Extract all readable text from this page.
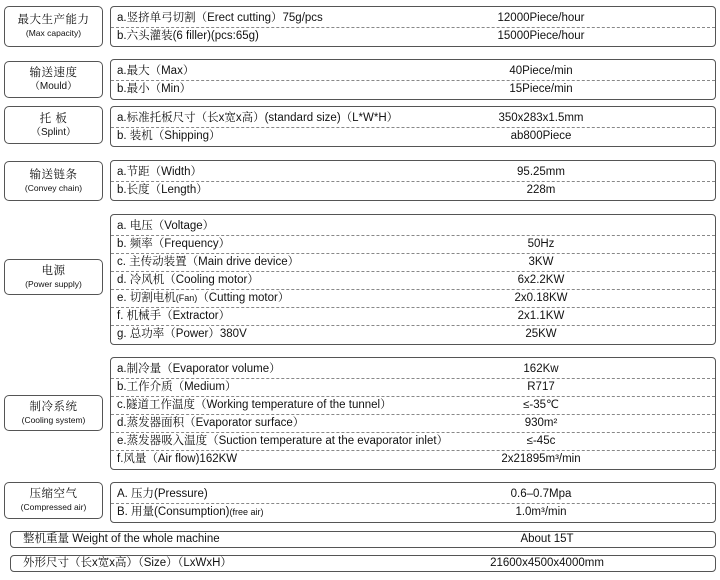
最大生产能力
(Max capacity)
a.竖挤单弓切割（Erect cutting）75g/pcs	12000Piece/hour
b.六头灌装(6 filler)(pcs:65g)	15000Piece/hour
输送速度
（Mould）
a.最大（Max）	40Piece/min
b.最小（Min）	15Piece/min
托 板
（Splint）
a.标准托板尺寸（长x宽x高）(standard size)（L*W*H）	350x283x1.5mm
b. 装机（Shipping）	ab800Piece
输送链条
(Convey chain)
a.节距（Width）	95.25mm
b.长度（Length）	228m
电源
(Power supply)
a. 电压（Voltage）
b. 频率（Frequency）	50Hz
c. 主传动装置（Main drive device）	3KW
d. 冷风机（Cooling motor）	6x2.2KW
e. 切割电机(Fan)（Cutting motor）	2x0.18KW
f. 机械手（Extractor）	2x1.1KW
g. 总功率（Power）380V	25KW
制冷系统
(Cooling system)
a.制冷量（Evaporator volume）	162Kw
b.工作介质（Medium）	R717
c.隧道工作温度（Working temperature of the tunnel）	≤-35℃
d.蒸发器面积（Evaporator surface）	930m²
e.蒸发器吸入温度（Suction temperature at the evaporator inlet）	≤-45c
f.风量（Air flow)162KW	2x21895m³/min
压缩空气
(Compressed air)
A. 压力(Pressure)	0.6–0.7Mpa
B. 用量(Consumption)(free air)	1.0m³/min
整机重量 Weight of the whole machine	About 15T
外形尺寸（长x宽x高）（Size）（LxWxH）	21600x4500x4000mm
